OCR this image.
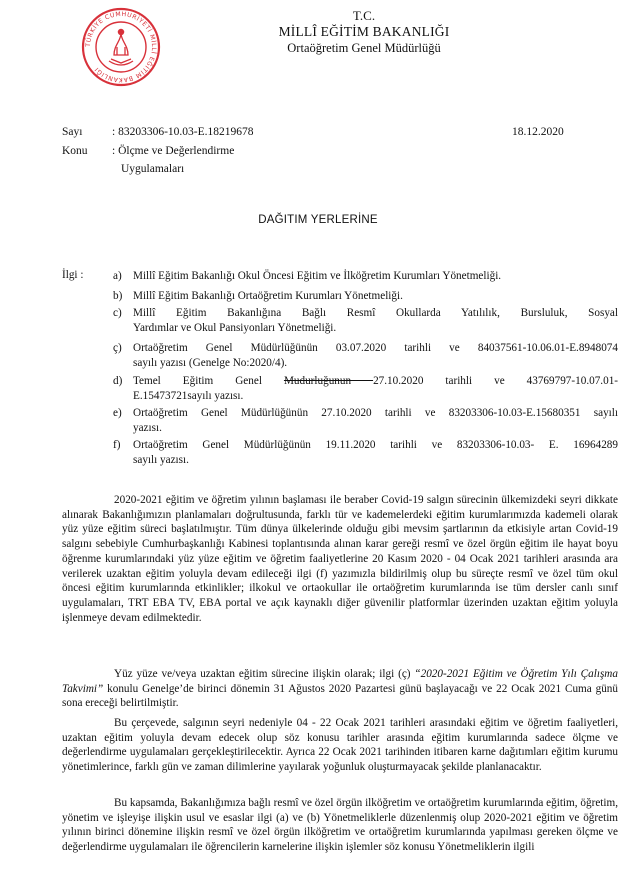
TÜRKİYE CUMHURİYETİ MİLLÎ EĞİTİM BAKANLIĞI
T.C.
MİLLÎ EĞİTİM BAKANLIĞI
Ortaöğretim Genel Müdürlüğü
Sayı	: 83203306-10.03-E.18219678	18.12.2020
Konu : Ölçme ve Değerlendirme
Uygulamaları
DAĞITIM YERLERİNE
İlgi :	a)	Millî Eğitim Bakanlığı Okul Öncesi Eğitim ve İlköğretim Kurumları Yönetmeliği.
b) Millî Eğitim Bakanlığı Ortaöğretim Kurumları Yönetmeliği.
c)	Millî Eğitim Bakanlığına Bağlı Resmî Okullarda Yatılılık, Bursluluk, Sosyal
Yardımlar ve Okul Pansiyonları Yönetmeliği.
ç)	Ortaöğretim Genel Müdürlüğünün 03.07.2020 tarihli ve 84037561-10.06.01-E.8948074
sayılı yazısı (Genelge No:2020/4).
d) Temel Eğitim Genel Mudurluğunun 27.10.2020 tarihli ve 43769797-10.07.01-
E.15473721sayılı yazısı.
e)	Ortaöğretim Genel Müdürlüğünün 27.10.2020 tarihli ve 83203306-10.03-E.15680351 sayılı
yazısı.
f)	Ortaöğretim Genel Müdürlüğünün 19.11.2020 tarihli ve 83203306-10.03- E. 16964289
sayılı yazısı.
2020-2021 eğitim ve öğretim yılının başlaması ile beraber Covid-19 salgın sürecinin ülkemizdeki seyri dikkate alınarak Bakanlığımızın planlamaları doğrultusunda, farklı tür ve kademelerdeki eğitim kurumlarımızda kademeli olarak yüz yüze eğitim süreci başlatılmıştır. Tüm dünya ülkelerinde olduğu gibi mevsim şartlarının da etkisiyle artan Covid-19 salgını sebebiyle Cumhurbaşkanlığı Kabinesi toplantısında alınan karar gereği resmî ve özel örgün eğitim ile hayat boyu öğrenme kurumlarındaki yüz yüze eğitim ve öğretim faaliyetlerine 20 Kasım 2020 - 04 Ocak 2021 tarihleri arasında ara verilerek uzaktan eğitim yoluyla devam edileceği ilgi (f) yazımızla bildirilmiş olup bu süreçte resmî ve özel tüm okul öncesi eğitim kurumlarında etkinlikler; ilkokul ve ortaokullar ile ortaöğretim kurumlarında ise tüm dersler canlı sınıf uygulamaları, TRT EBA TV, EBA portal ve açık kaynaklı diğer güvenilir platformlar üzerinden uzaktan eğitim yoluyla işlenmeye devam edilmektedir.
Yüz yüze ve/veya uzaktan eğitim sürecine ilişkin olarak; ilgi (ç) “2020-2021 Eğitim ve Öğretim Yılı Çalışma Takvimi” konulu Genelge’de birinci dönemin 31 Ağustos 2020 Pazartesi günü başlayacağı ve 22 Ocak 2021 Cuma günü sona ereceği belirtilmiştir.
Bu çerçevede, salgının seyri nedeniyle 04 - 22 Ocak 2021 tarihleri arasındaki eğitim ve öğretim faaliyetleri, uzaktan eğitim yoluyla devam edecek olup söz konusu tarihler arasında eğitim kurumlarında sadece ölçme ve değerlendirme uygulamaları gerçekleştirilecektir. Ayrıca 22 Ocak 2021 tarihinden itibaren karne dağıtımları eğitim kurumu yönetimlerince, farklı gün ve zaman dilimlerine yayılarak yoğunluk oluşturmayacak şekilde planlanacaktır.
Bu kapsamda, Bakanlığımıza bağlı resmî ve özel örgün ilköğretim ve ortaöğretim kurumlarında eğitim, öğretim, yönetim ve işleyişe ilişkin usul ve esaslar ilgi (a) ve (b) Yönetmeliklerle düzenlenmiş olup 2020-2021 eğitim ve öğretim yılının birinci dönemine ilişkin resmî ve özel örgün ilköğretim ve ortaöğretim kurumlarında yapılması gereken ölçme ve değerlendirme uygulamaları ile öğrencilerin karnelerine ilişkin işlemler söz konusu Yönetmeliklerin ilgili
